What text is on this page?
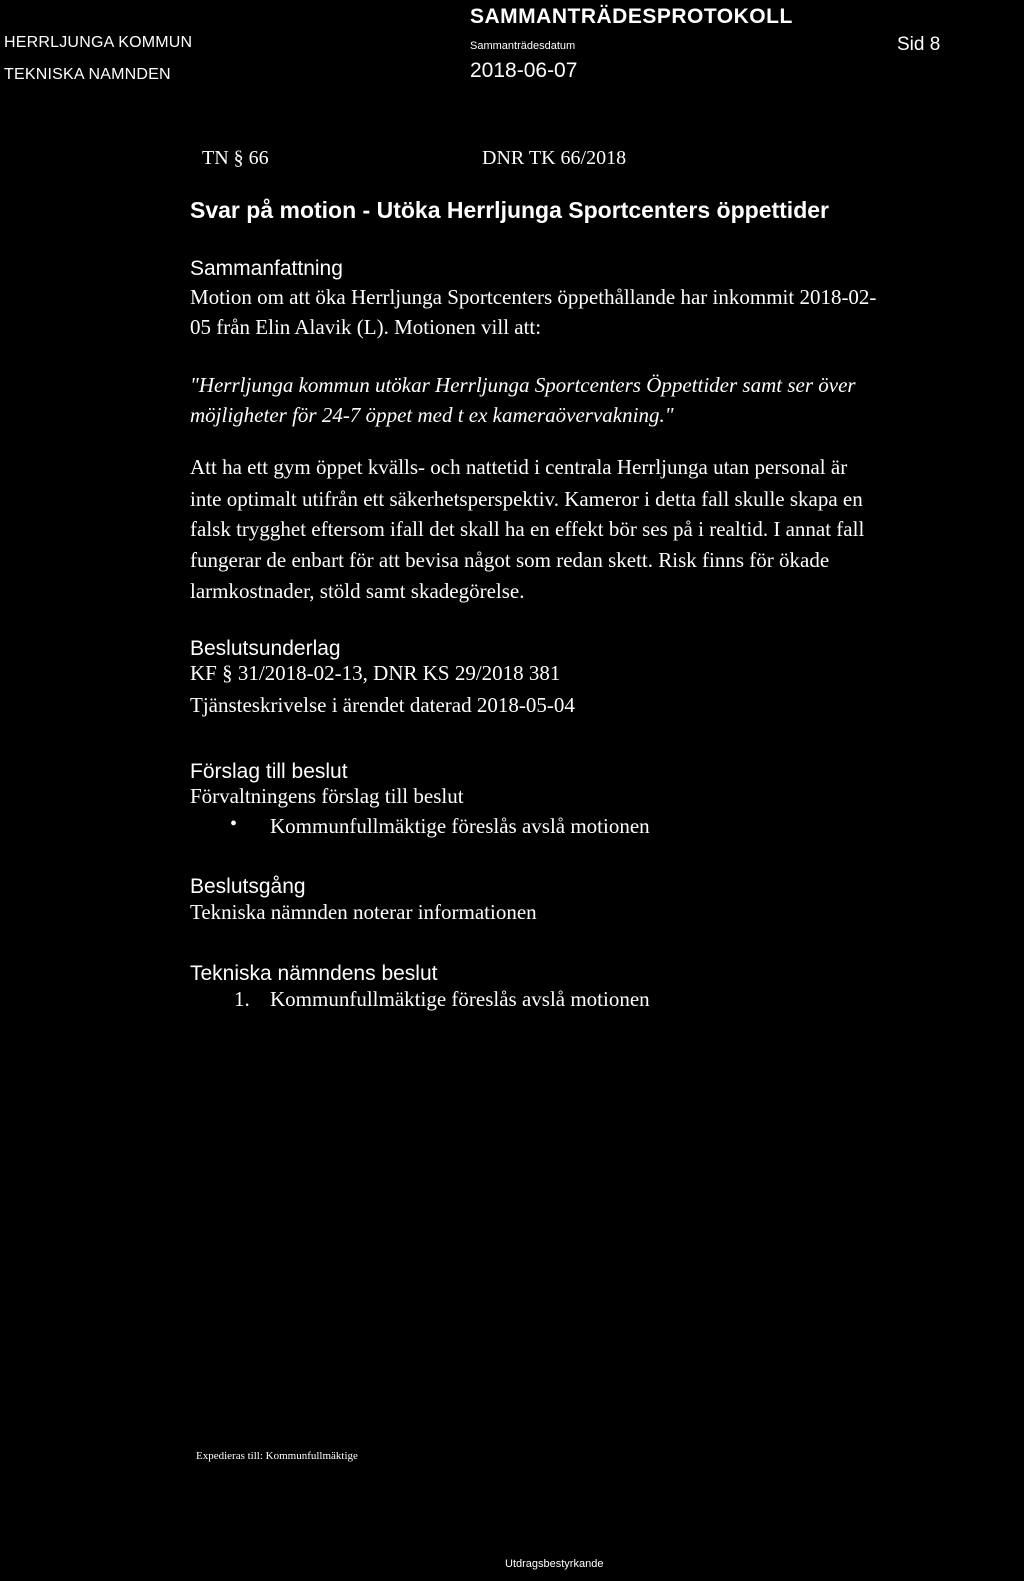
HERRLJUNGA KOMMUN
TEKNISKA NAMNDEN
SAMMANTRÄDESPROTOKOLL
Sammanträdesdatum
2018-06-07
Sid 8
TN § 66	DNR TK 66/2018
Svar på motion - Utöka Herrljunga Sportcenters öppettider
Sammanfattning
Motion om att öka Herrljunga Sportcenters öppethållande har inkommit 2018-02-
05 från Elin Alavik (L). Motionen vill att:
"Herrljunga kommun utökar Herrljunga Sportcenters Öppettider samt ser över
möjligheter för 24-7 öppet med t ex kameraövervakning."
Att ha ett gym öppet kvälls- och nattetid i centrala Herrljunga utan personal är
inte optimalt utifrån ett säkerhetsperspektiv. Kameror i detta fall skulle skapa en
falsk trygghet eftersom ifall det skall ha en effekt bör ses på i realtid. I annat fall
fungerar de enbart för att bevisa något som redan skett. Risk finns för ökade
larmkostnader, stöld samt skadegörelse.
Beslutsunderlag
KF § 31/2018-02-13, DNR KS 29/2018 381
Tjänsteskrivelse i ärendet daterad 2018-05-04
Förslag till beslut
Förvaltningens förslag till beslut
• Kommunfullmäktige föreslås avslå motionen
Beslutsgång
Tekniska nämnden noterar informationen
Tekniska nämndens beslut
1. Kommunfullmäktige föreslås avslå motionen
Expedieras till: Kommunfullmäktige
Utdragsbestyrkande
